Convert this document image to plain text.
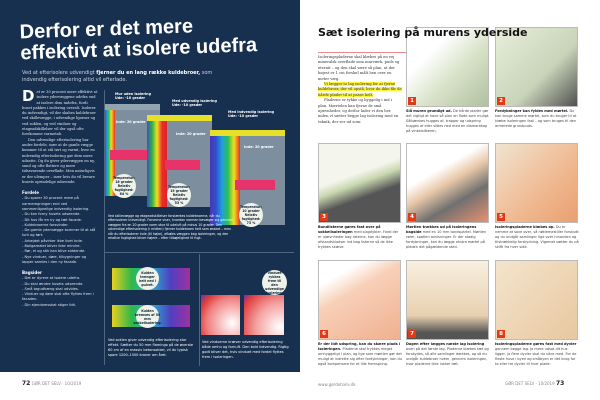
Derfor er det mere effektivt at isolere udefra
Ved at efterisolere udvendigt fjerner du en lang række kuldebroer, som indvendig efterisolering altid vil efterlade.

Det er 30 procent mere effektivt at isolere ydervæggene udefra end at isolere dem indefra, fordi huset pakkes i isolering overalt. Isolerer du indvendigt, vil der skabes kuldebroer ved skillevægge, i udvendige hjørner og ved soklen, og ved vinduer og etageadskillelser vil der også ofte forekomme varmetab.

Den udvendige efterisolering har andre fordele, især at de gamle vægge kommer til at stå tørt og varmt, hvor en indvendig efterisolering gør dem mere udsatte. Og du giver ydervæggen en ny, sund og ofte flottere og mere tidssvarende overflade. Men naturligvis er der ulemper – især hvis du vil bevare husets oprindelige udseende.

Fordele
- Du sparer 30 procent mere på varmeregningen end ved sammenlignelige indvendig isolering.
- Du kan forny husets udseende.
- Dit hus får en ny og tæt facade.
- Kuldebroerne forsvinder.
- De gamle ydervægge kommer til at stå lunt og tørt.
- Arbejdet påvirker ikke livet inde.
- Boligarealet bliver ikke mindre.
- Rør, el og stik kan blive siddende.
- Nye vinduer, døre, tilbygninger og lapper samles i den ny facade.
Bagsider
- Det er dyrere at isolere udefra.
- Du skal ændre husets udseende.
- Små tagudhæng skal udvides.
- Vinduer og døre skal ofte flyttes frem i facaden.
- Din ejendomsskat stiger lidt.
Mur uden isolering
Ude: -10 grader
Med udvendig isolering
Ude: -10 grader
Med indvendig isolering
Ude: -10 grader
Inde: 20 grader
Inde: 20 grader
Inde: 20 grader
Temperatur: 16 grader Relativ fugtighed: 64 %
Temperatur: 19 grader Relativ fugtighed: 53 %
Temperatur: 10 grader Relativ fugtighed: 73 %
Ved skillevægge og etageadskillelser forstærkes kuldebroerne, når du efterisolerer indvendigt. Farverne viser, hvordan varmen bevæger sig gennem væggen fra en 20 grader varm stue til udeluft på minus 10 grader. Den udvendige efterisolering (i midten) fjerner kuldebroen helt som ønsket – men når du efterisolerer inde (til højre), afkøles væggen bag isoleringen, og den relative fugtighed bliver højere – efter tilbøjelighed til fugt.
Kulden trænger helt ned i gulvet.
Kulden bremses af 50 mm sokkelisolering.
Ved soklen giver udvendig efterisolering stor effekt. Sætter du 50 mm flamingo på de øverste 60 cm af en massiv betonsokkel, vil du typisk spare 1200–1500 kroner om året.
Vinduet rykkes frem til den udvendige isolering.
Ved vinduerne kræver udvendig efterisolering både omhu og fornuft. Den kold indvendig. Rigtig godt bliver det, hvis vinduet med fordel flyttes frem i isoleringen.
72 GØR DET SELV · 10/2019
Sæt isolering på murens yderside

Isoleringspladerne skal klæbes på en vej mineralsk overflade som murværk, puds og eternit – og den skal være så plan, at der højest er 1 cm forskel målt hen over en meter væg.

Vi lægger to lag isolering for at fjerne kuldebroer, der vil opstå, hvor du ikke får de hårde plader til at passe helt.

Pladerne er tykke og byggelig i ind i plan. Mærtelen kan fjerne de små ujævnheder, og derfor lader vi den her, inden vi sætter begge lag isolering med en teknik, der ser ud som:

1
Slå muren grundigt ud. De hårde plader gør det vigtigt at have så plan en flade som muligt. Sålbænkes hugges af, trapper og udspring hugges af eller slibes ned med en diamantkop på vinkelsliberen.
2
Fordybninger kan fyldes med mørtel. Du kan bruge samme mørtel, som du bruger til at klæbe isoleringen fast – og som bruges til den armerede grundpuds.
3
Bundlisterne gøres fast over på sokkelisoleringen med slagdybler. Fordi der er ujævnheder bag listerne, kan du lægge afstandsklodser ind bag listerne så de ikke trykkes skæve.
4
Mørtlen trækkes ud på isoleringens bagside med en 10 mm tandspartel. Mørtlen rører, spatlen anvisninger. Er der stadig fordybninger, kan du lægge ekstra mørtel på pladen det pågældende sted.
5
Isoleringspladerne klæbes op. Du er nemme at save over, så nøklemestiller forskudt og du undgår samlinger lige over hinanden og tilstrækkelig forskydning. Vigemet sætter du på skiftl fra hver side.
6
Er der lidt udspring, kan du skære plads i isoleringen. Pladerne skal trykkes meget omhyggeligt i plan, og lige som mørtlen gør det muligt at indrette sig efter fordybninger, kan du også kompensere for et lille fremspring.
7
Dagen efter lægges næste lag isolering oven på det første lag. Pladerne klæbes tæt og forskydes, så alle samlinger dækkes, og så du undgår kuldebroer hvem, gennem isoleringen, hvor pladerne ikke lukker tæt.
8
Isoleringspladerne gøres fast med dyvler gennem begge lag. Jo mere udsat dit hus ligger, jo flere dyvler skal du sikre med. For de fleste huse i byen og småbyen er det brug for to eller tre dyvler til hver plade.
www.gørdetselv.dk	GØR DET SELV · 10/2019 73
